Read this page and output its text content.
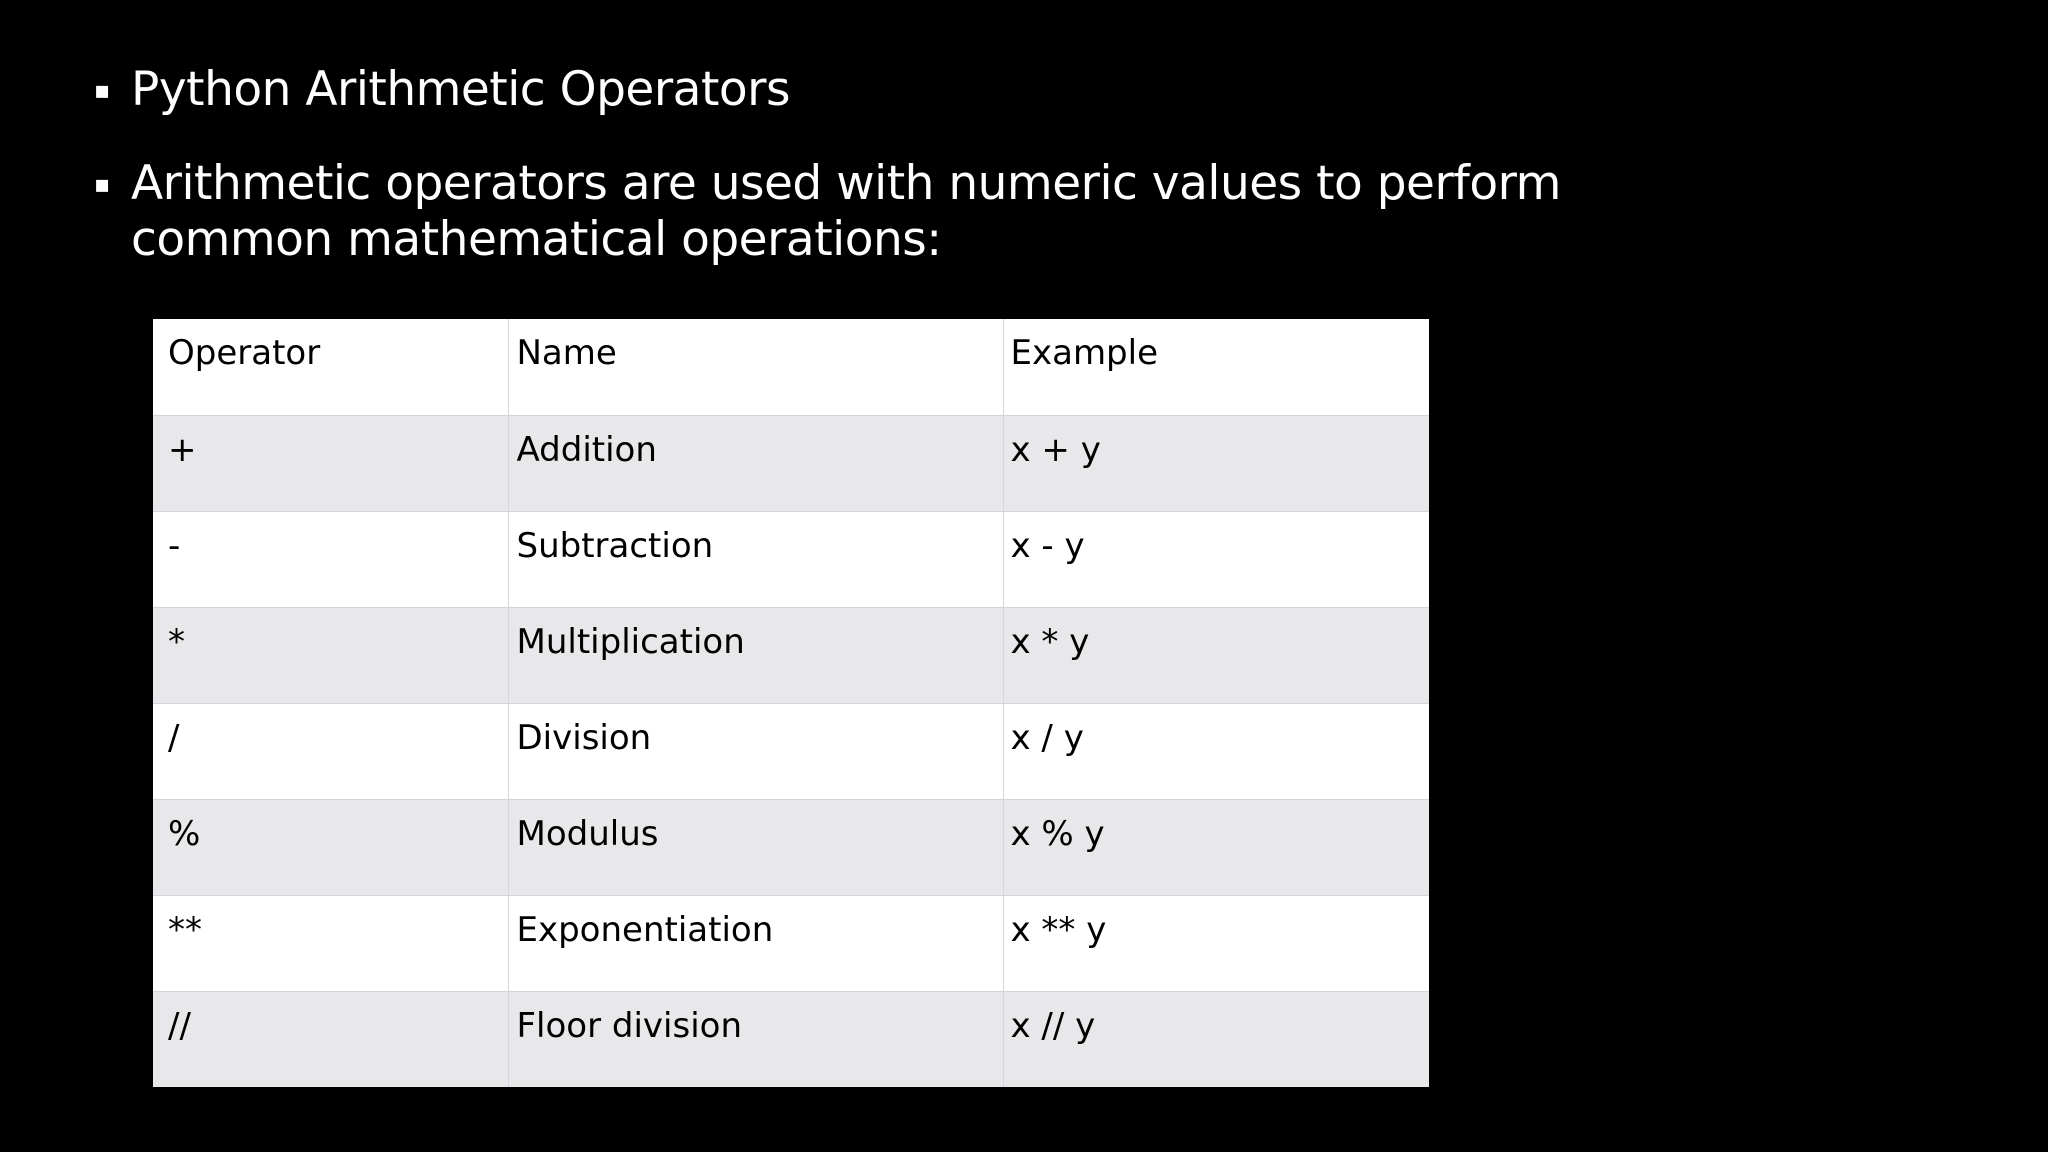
▪ Python Arithmetic Operators
▪ Arithmetic operators are used with numeric values to perform common mathematical operations:
Operator	Name	Example
+	Addition	x + y
-	Subtraction	x - y
*	Multiplication	x * y
/	Division	x / y
%	Modulus	x % y
**	Exponentiation	x ** y
//	Floor division	x // y
